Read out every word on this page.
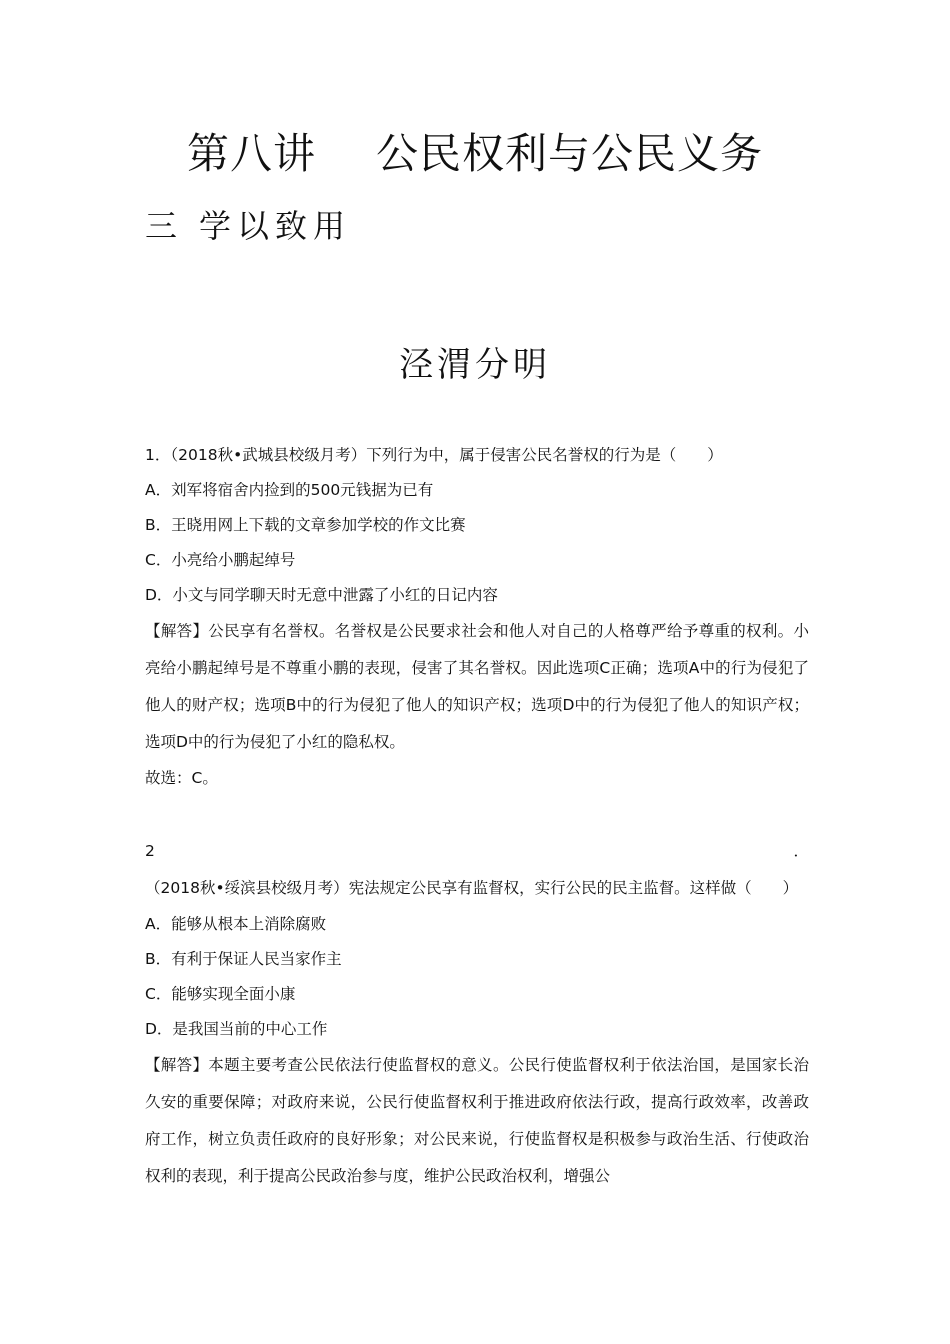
第八讲 公民权利与公民义务
三 学以致用
泾渭分明
1．（2018秋•武城县校级月考）下列行为中，属于侵害公民名誉权的行为是（　　）
A．刘军将宿舍内捡到的500元钱据为已有
B．王晓用网上下载的文章参加学校的作文比赛
C．小亮给小鹏起绰号
D．小文与同学聊天时无意中泄露了小红的日记内容
【解答】公民享有名誉权。名誉权是公民要求社会和他人对自己的人格尊严给予尊重的权利。小亮给小鹏起绰号是不尊重小鹏的表现，侵害了其名誉权。因此选项C正确；选项A中的行为侵犯了他人的财产权；选项B中的行为侵犯了他人的知识产权；选项D中的行为侵犯了他人的知识产权；选项D中的行为侵犯了小红的隐私权。
故选：C。
2．（2018秋•绥滨县校级月考）宪法规定公民享有监督权，实行公民的民主监督。这样做（　　）
A．能够从根本上消除腐败
B．有利于保证人民当家作主
C．能够实现全面小康
D．是我国当前的中心工作
【解答】本题主要考查公民依法行使监督权的意义。公民行使监督权利于依法治国，是国家长治久安的重要保障；对政府来说，公民行使监督权利于推进政府依法行政，提高行政效率，改善政府工作，树立负责任政府的良好形象；对公民来说，行使监督权是积极参与政治生活、行使政治权利的表现，利于提高公民政治参与度，维护公民政治权利，增强公
